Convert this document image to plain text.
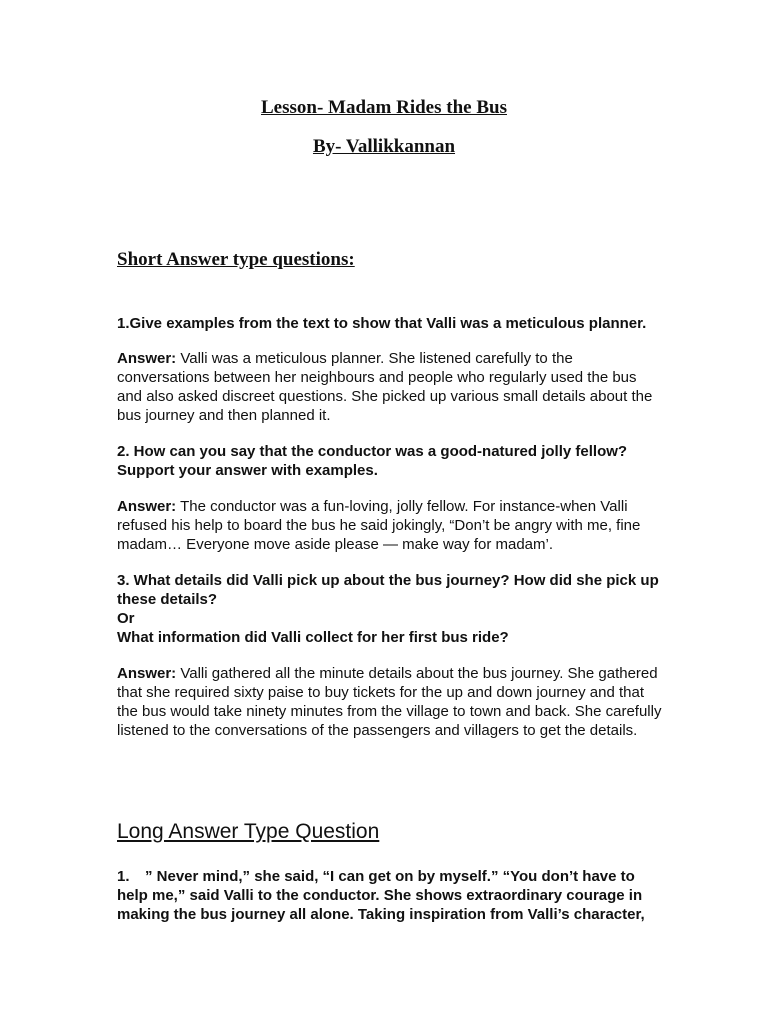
Lesson- Madam Rides the Bus
By- Vallikkannan
Short Answer type questions:

1.Give examples from the text to show that Valli was a meticulous planner.

Answer: Valli was a meticulous planner. She listened carefully to the conversations between her neighbours and people who regularly used the bus and also asked discreet questions. She picked up various small details about the bus journey and then planned it.

2. How can you say that the conductor was a good-natured jolly fellow? Support your answer with examples.

Answer: The conductor was a fun-loving, jolly fellow. For instance-when Valli refused his help to board the bus he said jokingly, “Don’t be angry with me, fine madam… Everyone move aside please — make way for madam’.

3. What details did Valli pick up about the bus journey? How did she pick up these details?
Or
What information did Valli collect for her first bus ride?

Answer: Valli gathered all the minute details about the bus journey. She gathered that she required sixty paise to buy tickets for the up and down journey and that the bus would take ninety minutes from the village to town and back. She carefully listened to the conversations of the passengers and villagers to get the details.

Long Answer Type Question

1. ” Never mind,” she said, “I can get on by myself.” “You don’t have to help me,” said Valli to the conductor. She shows extraordinary courage in making the bus journey all alone. Taking inspiration from Valli’s character,
